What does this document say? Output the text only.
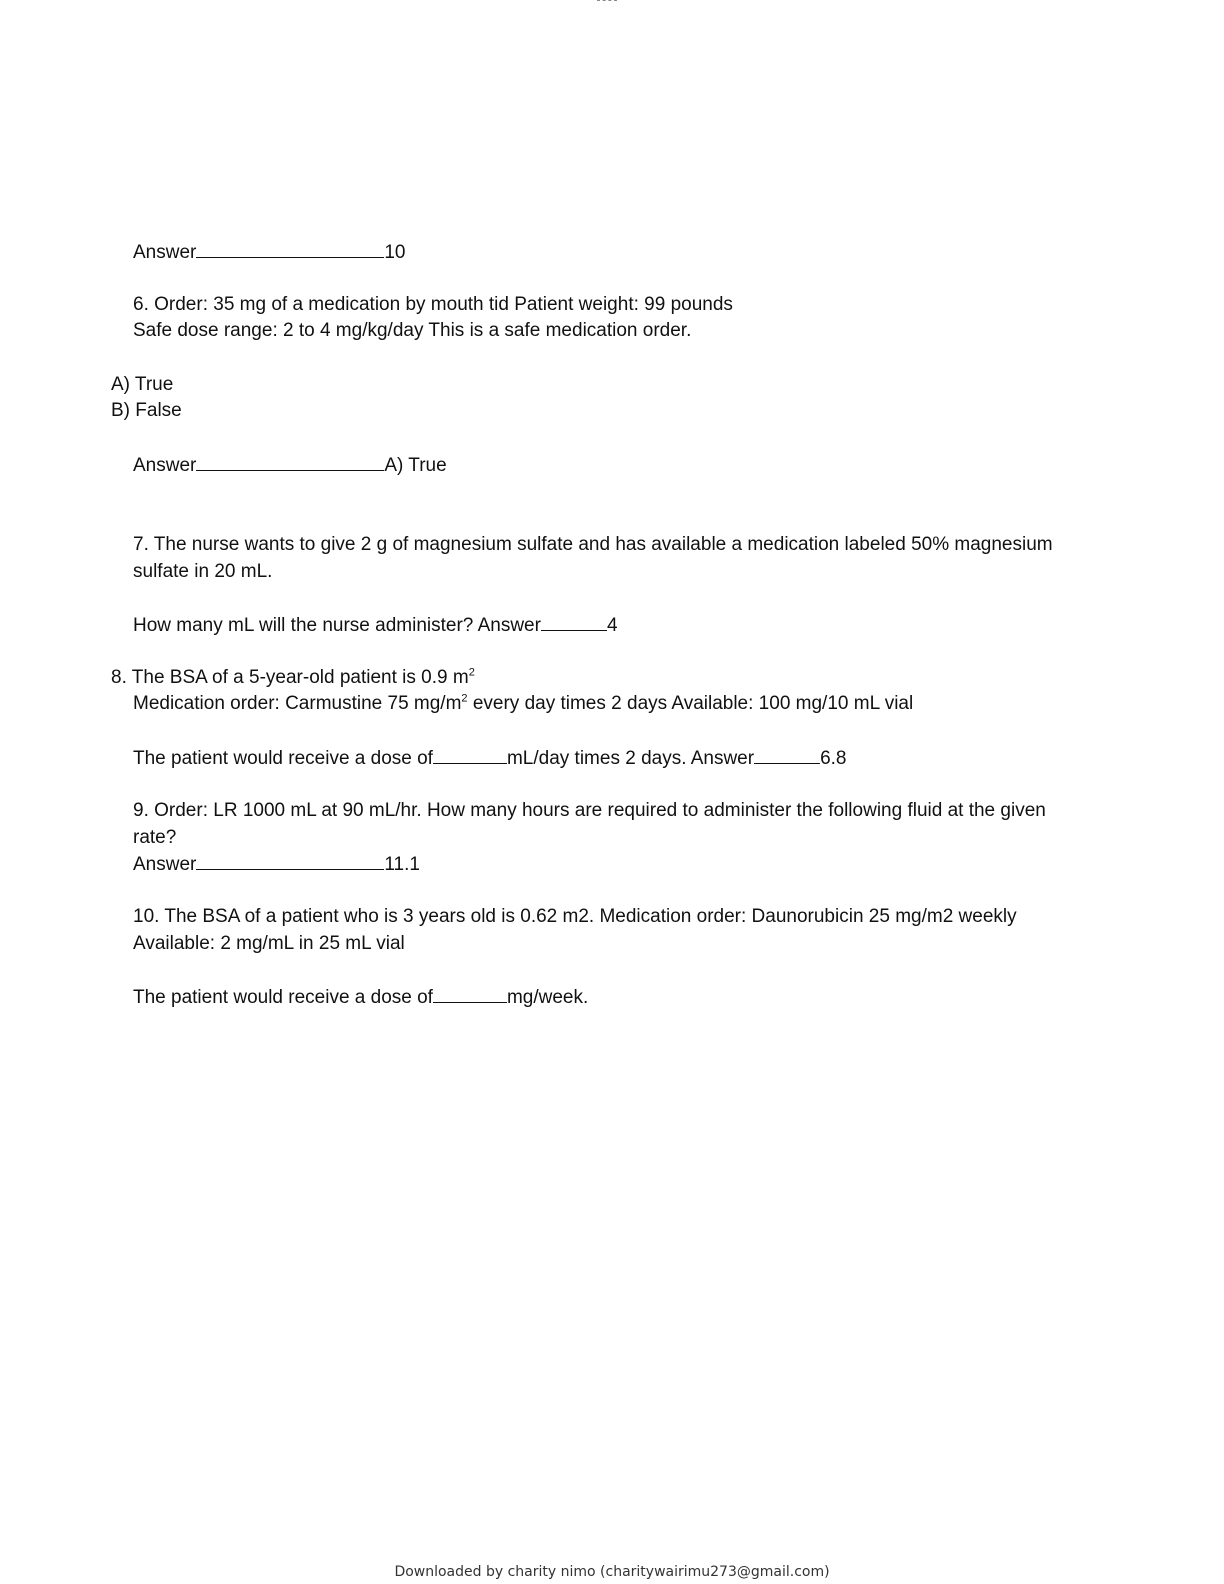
Answer	10
6. Order: 35 mg of a medication by mouth tid Patient weight: 99 pounds
Safe dose range: 2 to 4 mg/kg/day This is a safe medication order.
A) True
B) False
Answer	A) True
7. The nurse wants to give 2 g of magnesium sulfate and has available a medication labeled 50% magnesium
sulfate in 20 mL.
How many mL will the nurse administer? Answer	4
8. The BSA of a 5-year-old patient is 0.9 $m^2$
Medication order: Carmustine 75 $mg/m^2$ every day times 2 days Available: 100 mg/10 mL vial
The patient would receive a dose of	mL/day times 2 days. Answer	6.8
9. Order: LR 1000 mL at 90 mL/hr. How many hours are required to administer the following fluid at the given
rate?
Answer	11.1
10. The BSA of a patient who is 3 years old is 0.62 m2. Medication order: Daunorubicin 25 mg/m2 weekly
Available: 2 mg/mL in 25 mL vial
The patient would receive a dose of	mg/week.
Downloaded by charity nimo (charitywairimu273@gmail.com)
